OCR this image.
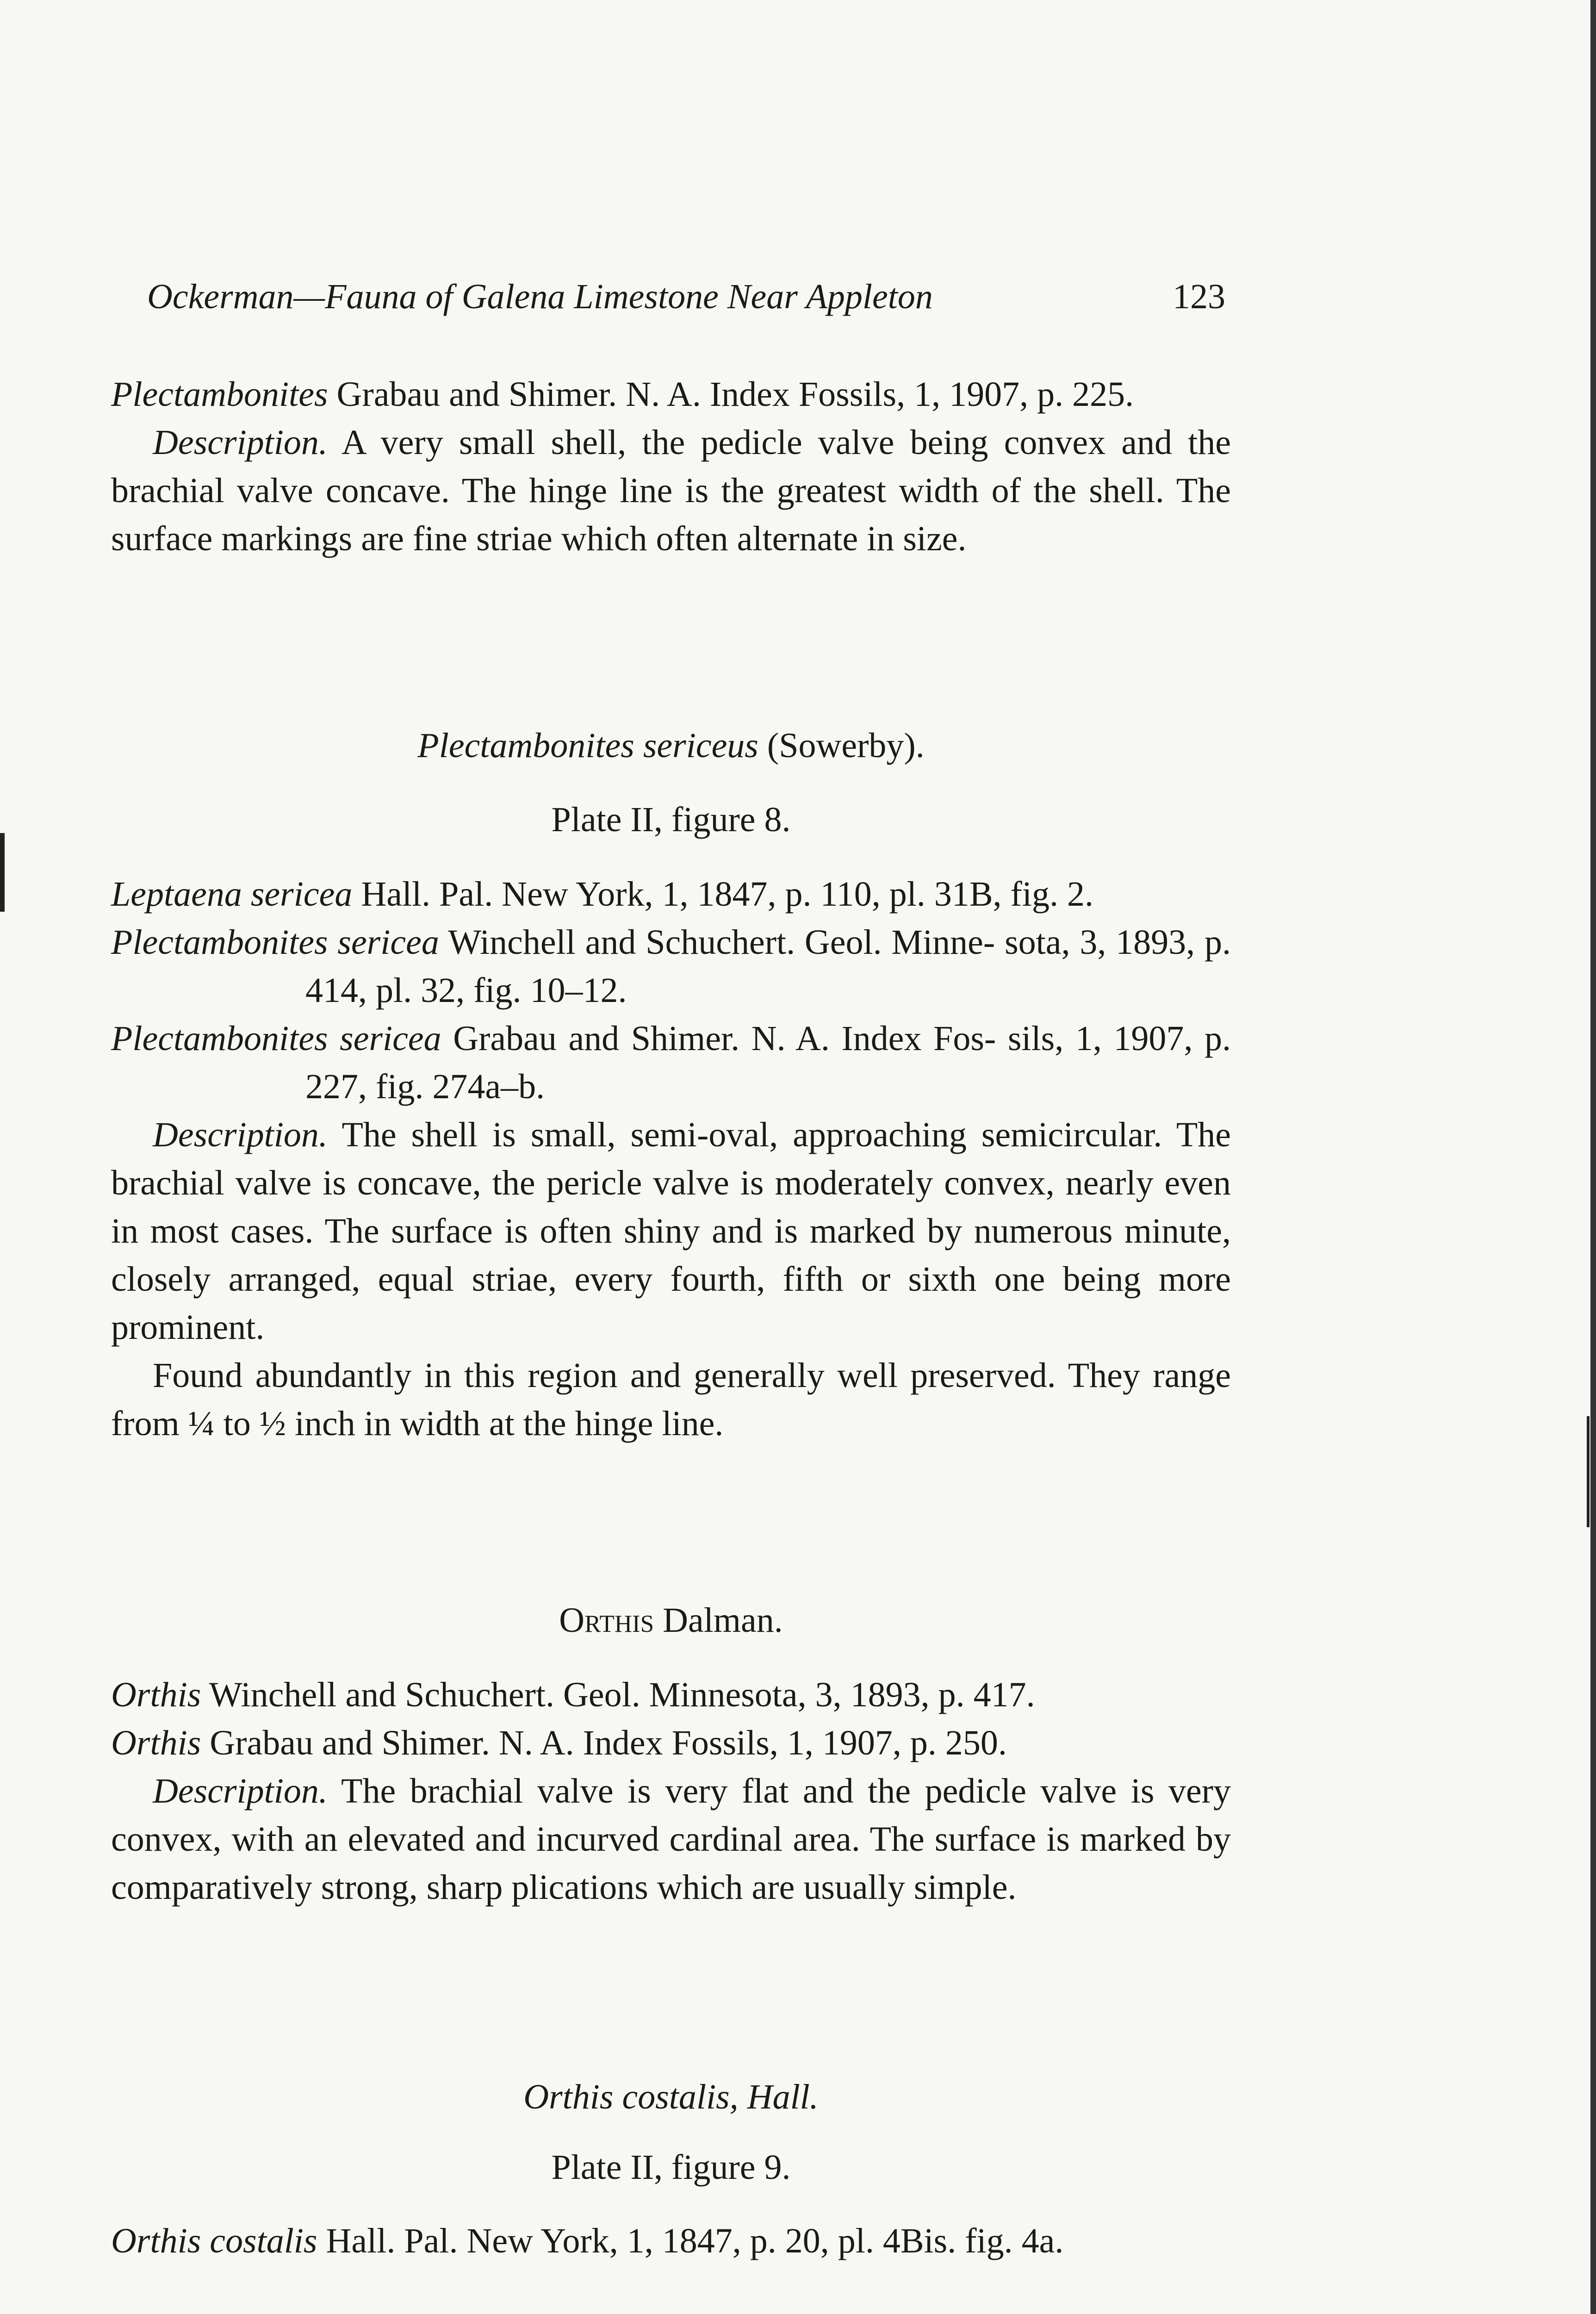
Ockerman—Fauna of Galena Limestone Near Appleton	123
Plectambonites Grabau and Shimer. N. A. Index Fossils, 1, 1907, p. 225.

Description. A very small shell, the pedicle valve being convex and the brachial valve concave. The hinge line is the greatest width of the shell. The surface markings are fine striae which often alternate in size.

Plectambonites sericeus (Sowerby).
Plate II, figure 8.
Leptaena sericea Hall. Pal. New York, 1, 1847, p. 110, pl. 31B, fig. 2.
Plectambonites sericea Winchell and Schuchert. Geol. Minne- sota, 3, 1893, p. 414, pl. 32, fig. 10–12.
Plectambonites sericea Grabau and Shimer. N. A. Index Fos- sils, 1, 1907, p. 227, fig. 274a–b.

Description. The shell is small, semi-oval, approaching semicircular. The brachial valve is concave, the pericle valve is moderately convex, nearly even in most cases. The surface is often shiny and is marked by numerous minute, closely arranged, equal striae, every fourth, fifth or sixth one being more prominent.

Found abundantly in this region and generally well preserved. They range from ¼ to ½ inch in width at the hinge line.

Orthis Dalman.
Orthis Winchell and Schuchert. Geol. Minnesota, 3, 1893, p. 417.
Orthis Grabau and Shimer. N. A. Index Fossils, 1, 1907, p. 250.

Description. The brachial valve is very flat and the pedicle valve is very convex, with an elevated and incurved cardinal area. The surface is marked by comparatively strong, sharp plications which are usually simple.

Orthis costalis, Hall.
Plate II, figure 9.
Orthis costalis Hall. Pal. New York, 1, 1847, p. 20, pl. 4Bis. fig. 4a.
